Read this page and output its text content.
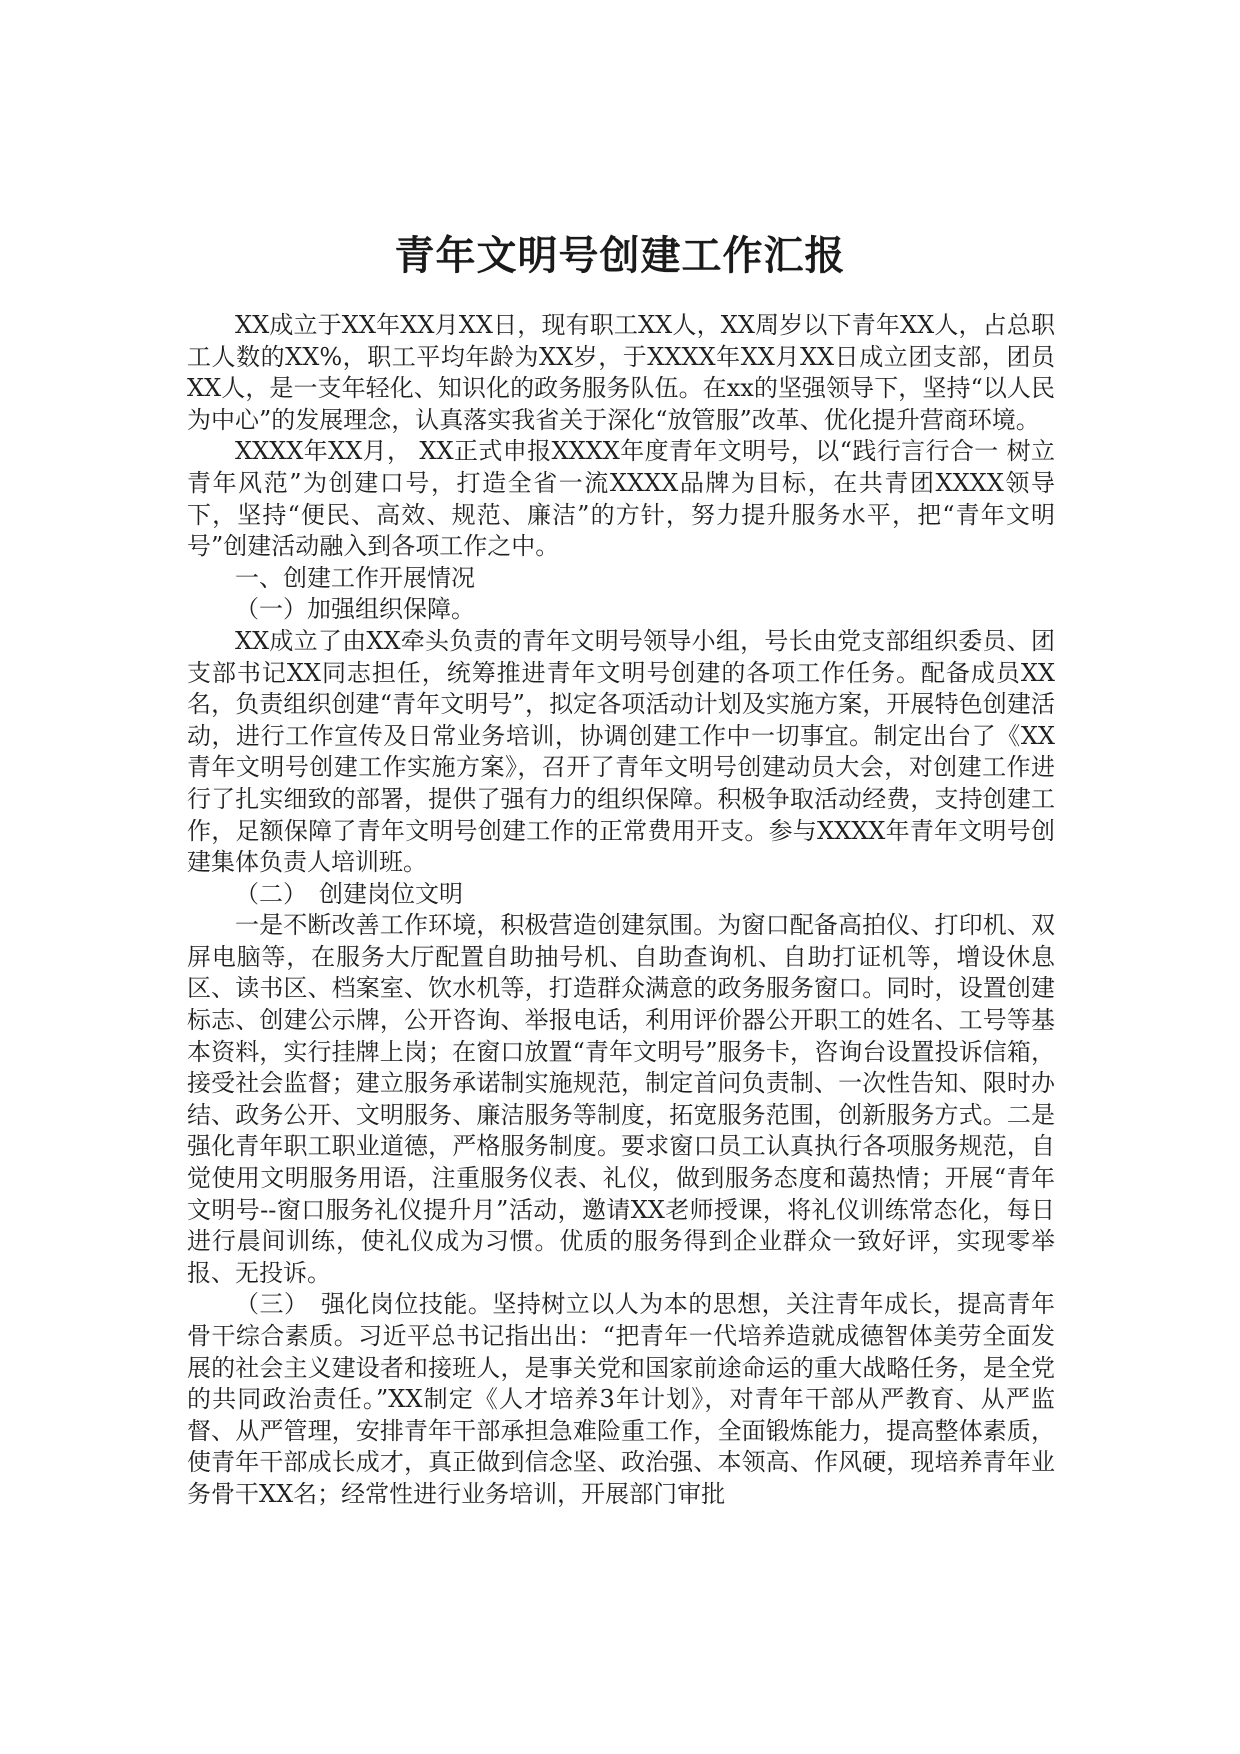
青年文明号创建工作汇报

XX成立于XX年XX月XX日，现有职工XX人，XX周岁以下青年XX人，占总职工人数的XX%，职工平均年龄为XX岁，于XXXX年XX月XX日成立团支部，团员XX人，是一支年轻化、知识化的政务服务队伍。在xx的坚强领导下，坚持“以人民为中心”的发展理念，认真落实我省关于深化“放管服”改革、优化提升营商环境。

XXXX年XX月， XX正式申报XXXX年度青年文明号，以“践行言行合一 树立青年风范”为创建口号，打造全省一流XXXX品牌为目标，在共青团XXXX领导下，坚持“便民、高效、规范、廉洁”的方针，努力提升服务水平，把“青年文明号”创建活动融入到各项工作之中。

一、创建工作开展情况

（一）加强组织保障。

XX成立了由XX牵头负责的青年文明号领导小组，号长由党支部组织委员、团支部书记XX同志担任，统筹推进青年文明号创建的各项工作任务。配备成员XX名，负责组织创建“青年文明号”，拟定各项活动计划及实施方案，开展特色创建活动，进行工作宣传及日常业务培训，协调创建工作中一切事宜。制定出台了《XX青年文明号创建工作实施方案》，召开了青年文明号创建动员大会，对创建工作进行了扎实细致的部署，提供了强有力的组织保障。积极争取活动经费，支持创建工作，足额保障了青年文明号创建工作的正常费用开支。参与XXXX年青年文明号创建集体负责人培训班。

（二）　创建岗位文明

一是不断改善工作环境，积极营造创建氛围。为窗口配备高拍仪、打印机、双屏电脑等，在服务大厅配置自助抽号机、自助查询机、自助打证机等，增设休息区、读书区、档案室、饮水机等，打造群众满意的政务服务窗口。同时，设置创建标志、创建公示牌，公开咨询、举报电话，利用评价器公开职工的姓名、工号等基本资料，实行挂牌上岗；在窗口放置“青年文明号”服务卡，咨询台设置投诉信箱，接受社会监督；建立服务承诺制实施规范，制定首问负责制、一次性告知、限时办结、政务公开、文明服务、廉洁服务等制度，拓宽服务范围，创新服务方式。二是强化青年职工职业道德，严格服务制度。要求窗口员工认真执行各项服务规范，自觉使用文明服务用语，注重服务仪表、礼仪，做到服务态度和蔼热情；开展“青年文明号--窗口服务礼仪提升月”活动，邀请XX老师授课，将礼仪训练常态化，每日进行晨间训练，使礼仪成为习惯。优质的服务得到企业群众一致好评，实现零举报、无投诉。

（三）　强化岗位技能。坚持树立以人为本的思想，关注青年成长，提高青年骨干综合素质。习近平总书记指出出：“把青年一代培养造就成德智体美劳全面发展的社会主义建设者和接班人，是事关党和国家前途命运的重大战略任务，是全党的共同政治责任。”XX制定《人才培养3年计划》，对青年干部从严教育、从严监督、从严管理，安排青年干部承担急难险重工作，全面锻炼能力，提高整体素质，使青年干部成长成才，真正做到信念坚、政治强、本领高、作风硬，现培养青年业务骨干XX名；经常性进行业务培训，开展部门审批
